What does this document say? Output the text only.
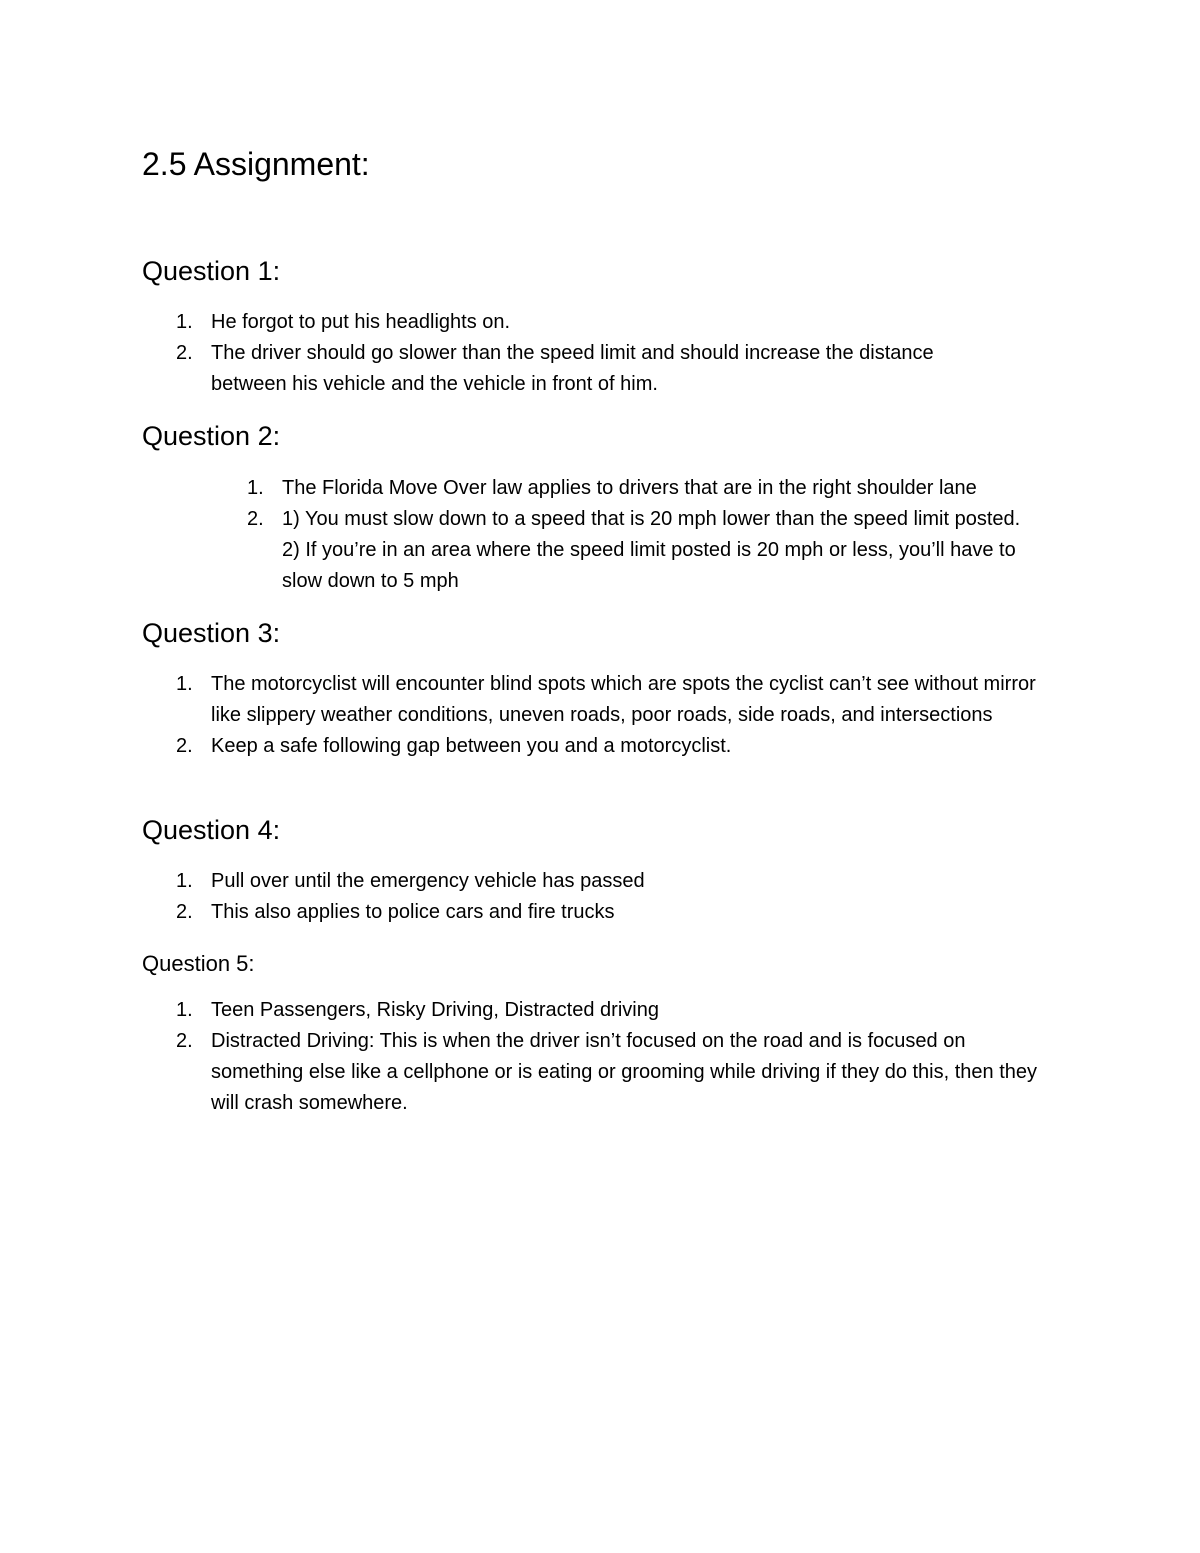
2.5 Assignment:
Question 1:
1. He forgot to put his headlights on.
2. The driver should go slower than the speed limit and should increase the distance between his vehicle and the vehicle in front of him.
Question 2:
1. The Florida Move Over law applies to drivers that are in the right shoulder lane
2. 1) You must slow down to a speed that is 20 mph lower than the speed limit posted. 2) If you’re in an area where the speed limit posted is 20 mph or less, you’ll have to slow down to 5 mph
Question 3:
1. The motorcyclist will encounter blind spots which are spots the cyclist can’t see without mirror like slippery weather conditions, uneven roads, poor roads, side roads, and intersections
2. Keep a safe following gap between you and a motorcyclist.
Question 4:
1. Pull over until the emergency vehicle has passed
2. This also applies to police cars and fire trucks
Question 5:
1. Teen Passengers, Risky Driving, Distracted driving
2. Distracted Driving: This is when the driver isn’t focused on the road and is focused on something else like a cellphone or is eating or grooming while driving if they do this, then they will crash somewhere.
